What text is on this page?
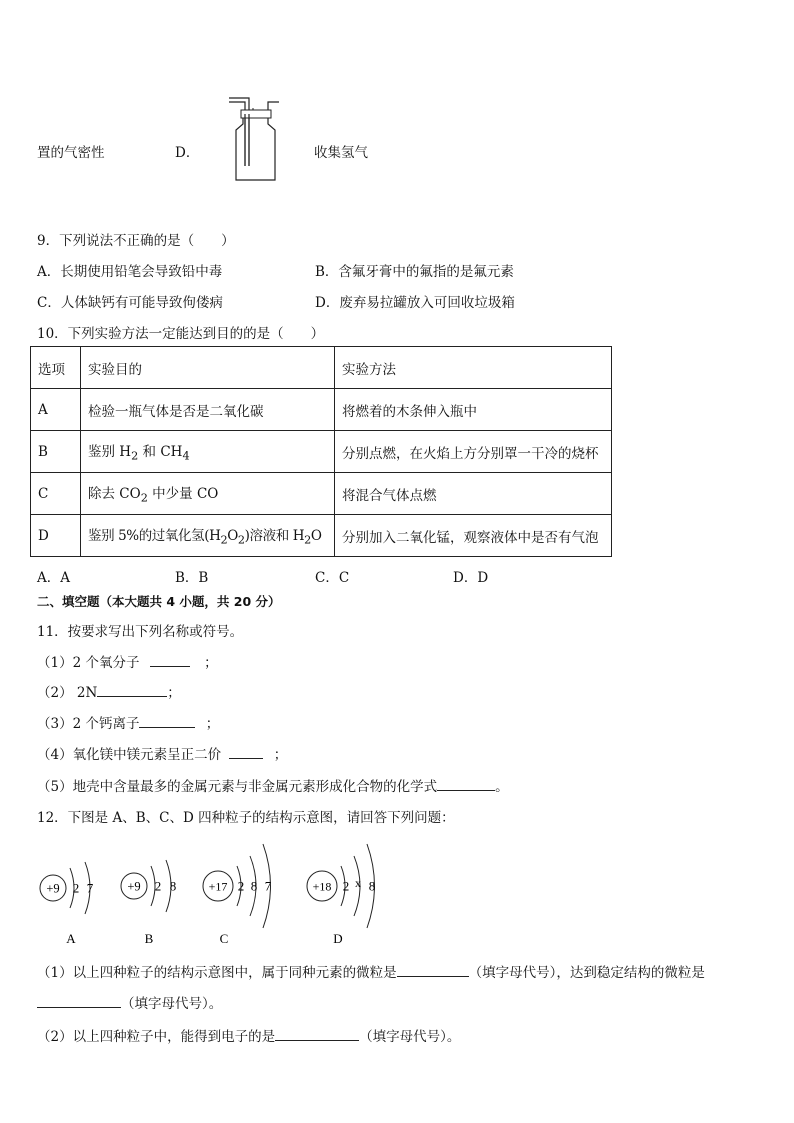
置的气密性	D．	收集氢气
9．下列说法不正确的是（　　）
A．长期使用铅笔会导致铅中毒	B．含氟牙膏中的氟指的是氟元素
C．人体缺钙有可能导致佝偻病	D．废弃易拉罐放入可回收垃圾箱
10．下列实验方法一定能达到目的的是（　　）
选项	实验目的	实验方法
A	检验一瓶气体是否是二氧化碳	将燃着的木条伸入瓶中
B	鉴别 $H_2$ 和 $CH_4$	分别点燃，在火焰上方分别罩一干冷的烧杯
C	除去 $CO_2$ 中少量 CO	将混合气体点燃
D	鉴别 5%的过氧化氢$(H_2O_2)$溶液和 $H_2O$	分别加入二氧化锰，观察液体中是否有气泡
A．A	B．B	C．C	D．D
二、填空题（本大题共 4 小题，共 20 分）
11．按要求写出下列名称或符号。
（1）2 个氧分子	；
（2） 2N	；
（3）2 个钙离子	；
（4）氧化镁中镁元素呈正二价	；
（5）地壳中含量最多的金属元素与非金属元素形成化合物的化学式	。
12．下图是 A、B、C、D 四种粒子的结构示意图，请回答下列问题：
+9 2 7
A
+9 2 8
B
+17 2 8 7
C
+18 2 x 8
D
（1）以上四种粒子的结构示意图中，属于同种元素的微粒是	（填字母代号），达到稳定结构的微粒是
（填字母代号）。
（2）以上四种粒子中，能得到电子的是	（填字母代号）。
